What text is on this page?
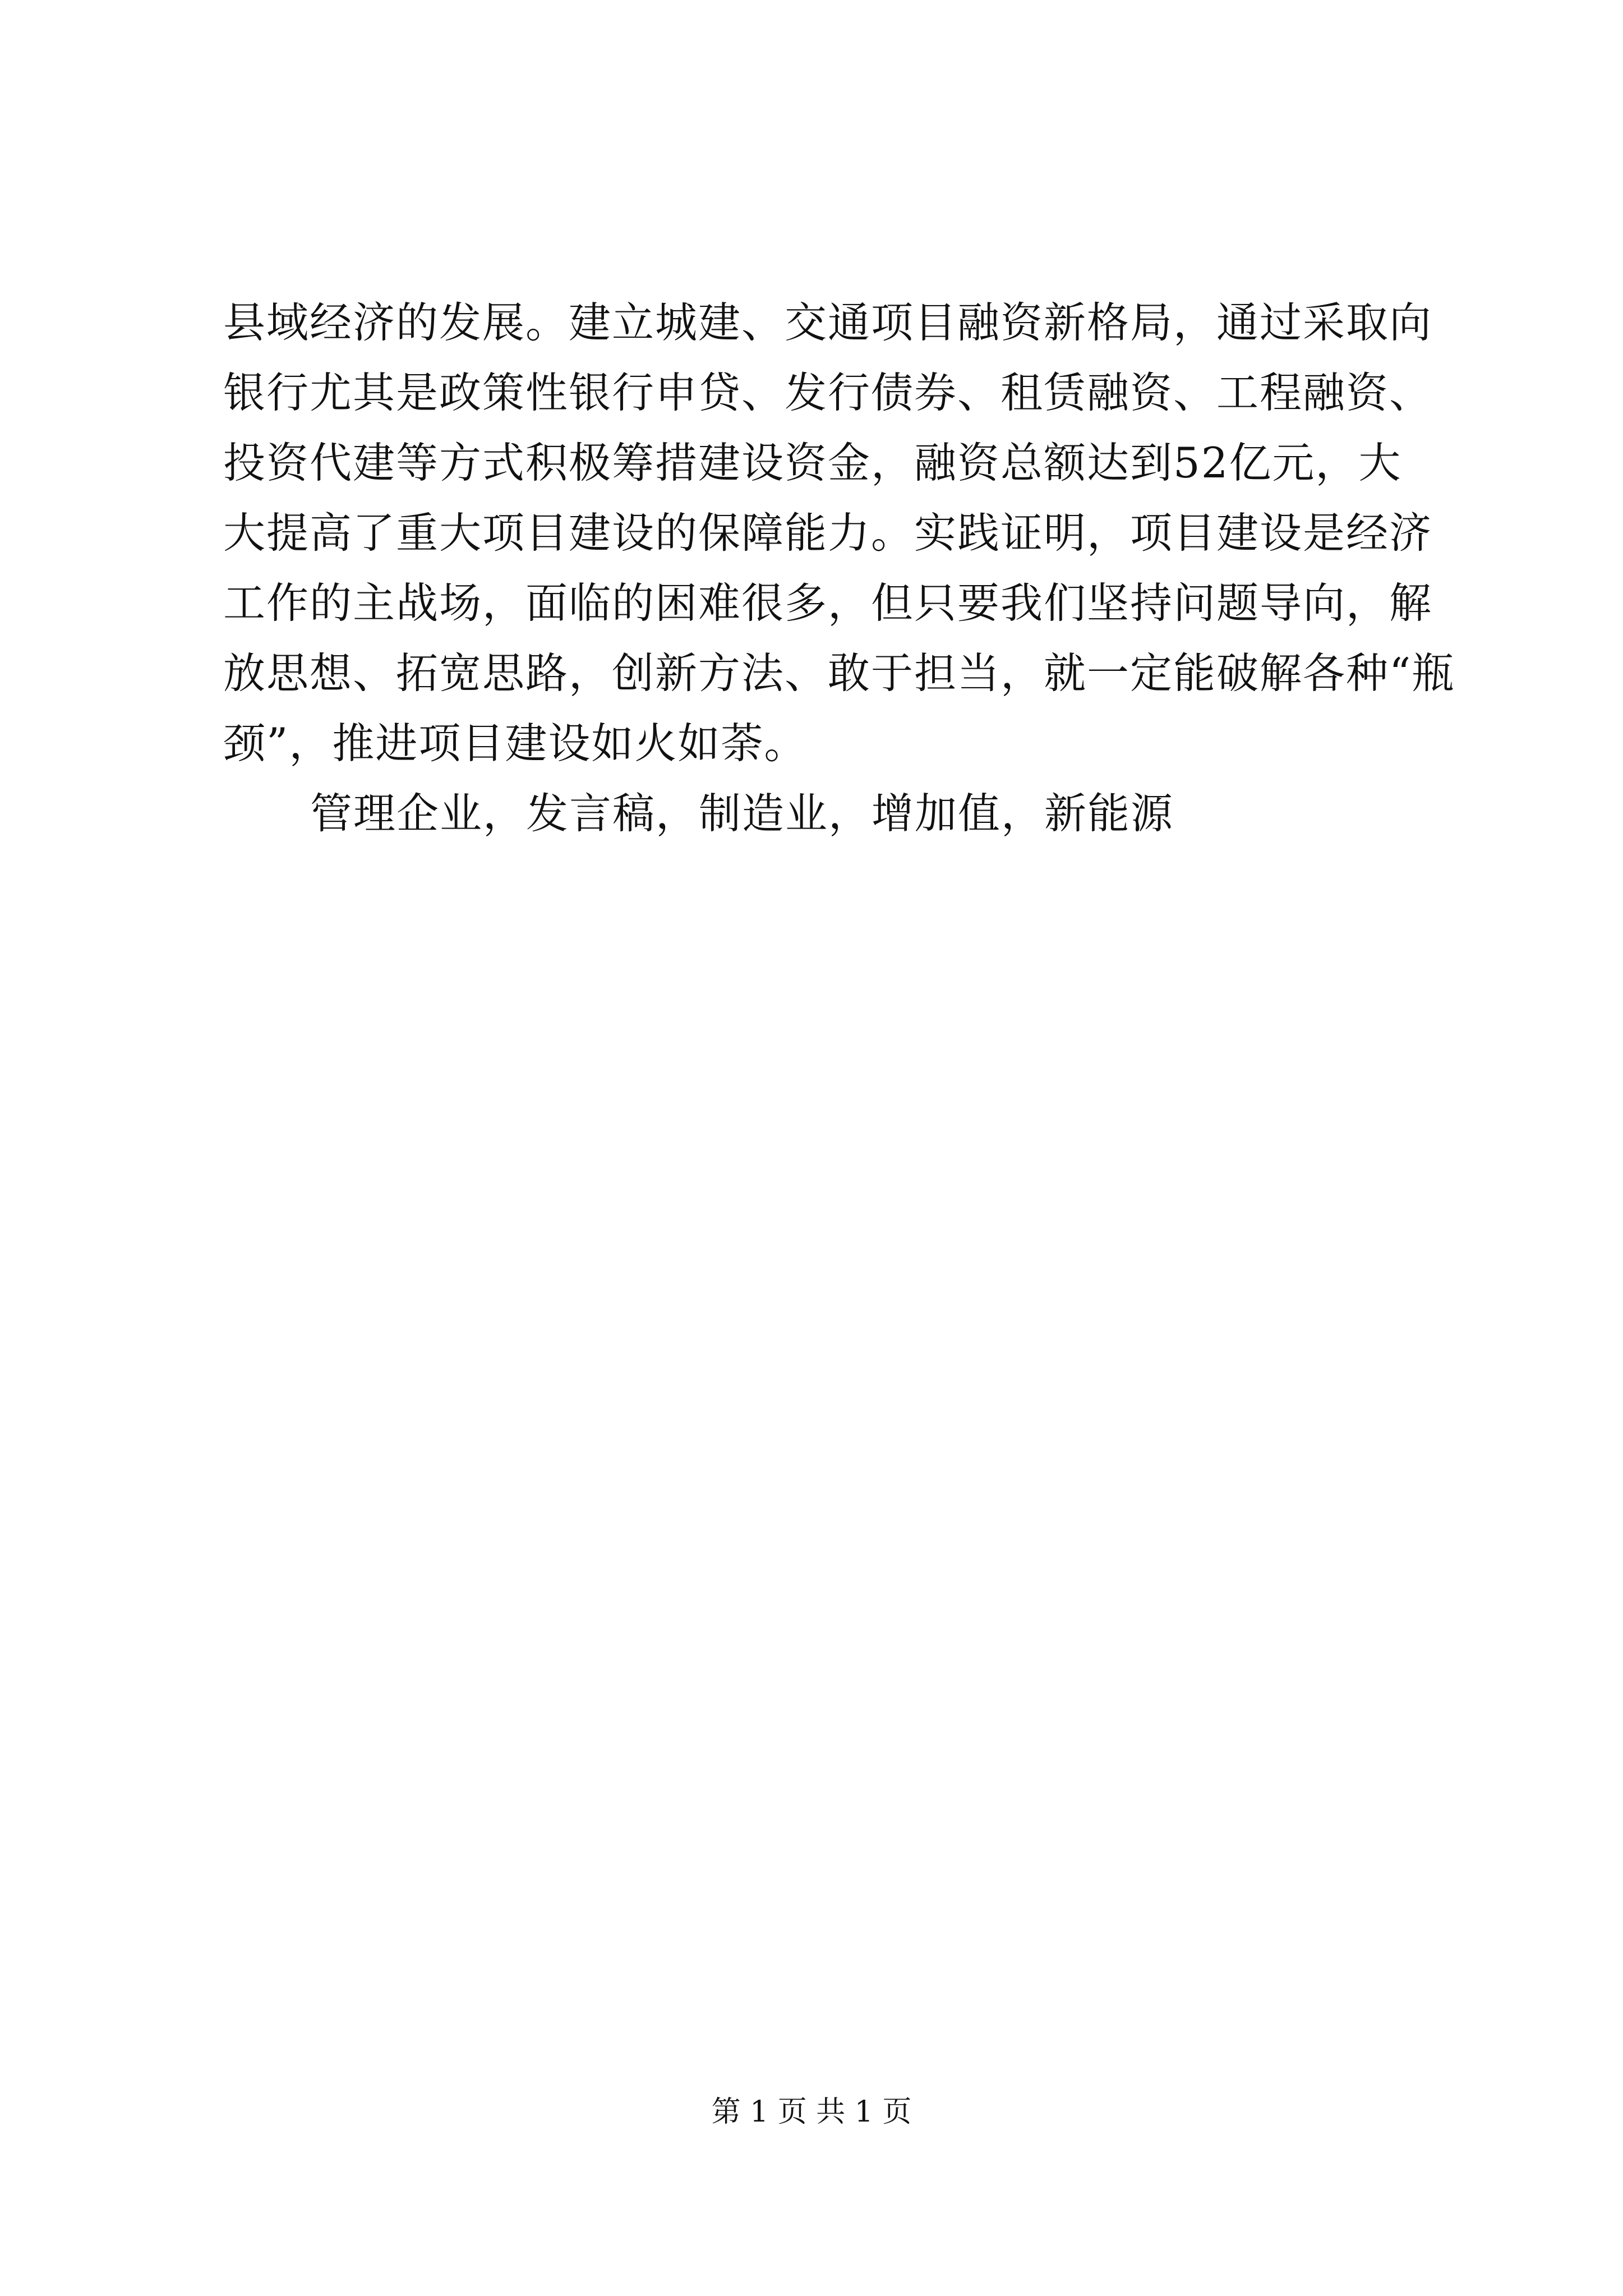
县域经济的发展。建立城建、交通项目融资新格局，通过采取向
银行尤其是政策性银行申贷、发行债券、租赁融资、工程融资、
投资代建等方式积极筹措建设资金，融资总额达到52亿元，大
大提高了重大项目建设的保障能力。实践证明，项目建设是经济
工作的主战场，面临的困难很多，但只要我们坚持问题导向，解
放思想、拓宽思路，创新方法、敢于担当，就一定能破解各种“瓶
颈”，推进项目建设如火如荼。
管理企业，发言稿，制造业，增加值，新能源
第 1 页 共 1 页
